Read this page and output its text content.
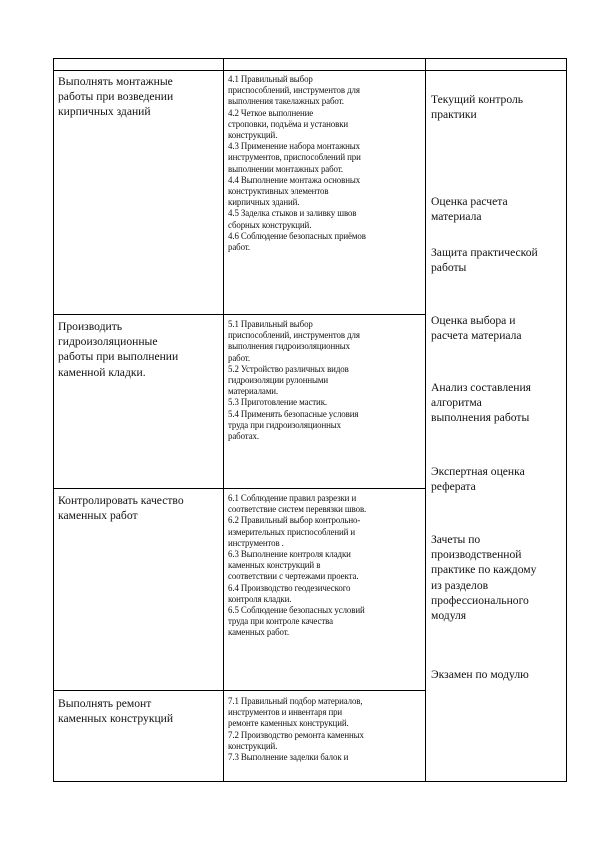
Выполнять монтажные
работы при возведении
кирпичных зданий
4.1 Правильный выбор
приспособлений, инструментов для
выполнения такелажных работ.
4.2 Четкое выполнение
строповки, подъёма и установки
конструкций.
4.3 Применение набора монтажных
инструментов, приспособлений при
выполнении монтажных работ.
4.4 Выполнение монтажа основных
конструктивных элементов
кирпичных зданий.
4.5 Заделка стыков и заливку швов
сборных конструкций.
4.6 Соблюдение безопасных приёмов
работ.
Производить
гидроизоляционные
работы при выполнении
каменной кладки.
5.1 Правильный выбор
приспособлений, инструментов для
выполнения гидроизоляционных
работ.
5.2 Устройство различных видов
гидроизоляции рулонными
материалами.
5.3 Приготовление мастик.
5.4 Применять безопасные условия
труда при гидроизоляционных
работах.
Контролировать качество
каменных работ
6.1 Соблюдение правил разрезки и
соответствие систем перевязки швов.
6.2 Правильный выбор контрольно-
измерительных приспособлений и
инструментов .
6.3 Выполнение контроля кладки
каменных конструкций в
соответствии с чертежами проекта.
6.4 Производство геодезического
контроля кладки.
6.5 Соблюдение безопасных условий
труда при контроле качества
каменных работ.
Выполнять ремонт
каменных конструкций
7.1 Правильный подбор материалов,
инструментов и инвентаря при
ремонте каменных конструкций.
7.2 Производство ремонта каменных
конструкций.
7.3 Выполнение заделки балок и
Текущий контроль
практики
Оценка расчета
материала
Защита практической
работы
Оценка выбора и
расчета материала
Анализ составления
алгоритма
выполнения работы
Экспертная оценка
реферата
Зачеты по
производственной
практике по каждому
из разделов
профессионального
модуля
Экзамен по модулю
